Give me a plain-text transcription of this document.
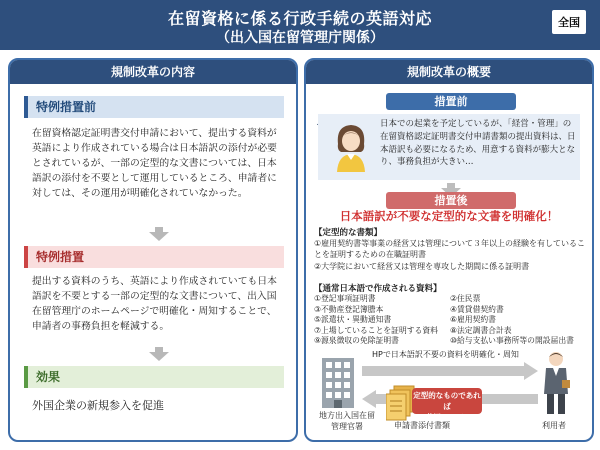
在留資格に係る行政手続の英語対応
（出入国在留管理庁関係）
全国
規制改革の内容
特例措置前
在留資格認定証明書交付申請において、提出する資料が英語により作成されている場合は日本語訳の添付が必要とされているが、一部の定型的な文書については、日本語訳の添付を不要として運用しているところ、申請者に対しては、その運用が明確化されていなかった。
特例措置
提出する資料のうち、英語により作成されていても日本語訳を不要とする一部の定型的な文書について、出入国在留管理庁のホームページで明確化・周知することで、申請者の事務負担を軽減する。
効果
外国企業の新規参入を促進
規制改革の概要
措置前
日本での起業を予定しているが、「経営・管理」の在留資格認定証明書交付申請書類の提出資料は、日本語訳も必要になるため、用意する資料が膨大となり、事務負担が大きい…
措置後
日本語訳が不要な定型的な文書を明確化！
【定型的な書類】
①雇用契約書等事業の経営又は管理について３年以上の経験を有していることを証明するための在職証明書
②大学院において経営又は管理を専攻した期間に係る証明書
【通常日本語で作成される資料】
①登記事項証明書
③不動産登記簿謄本
⑤派遣状・異動通知書
⑦上場していることを証明する資料
⑨源泉徴収の免除証明書
②住民票
④賃貸借契約書
⑥雇用契約書
⑧法定調書合計表
⑩給与支払い事務所等の開設届出書
HPで日本語訳不要の資料を明確化・周知
定型的なものであれば
英語でOK！
地方出入国在留
管理官署	申請書添付書類	利用者
